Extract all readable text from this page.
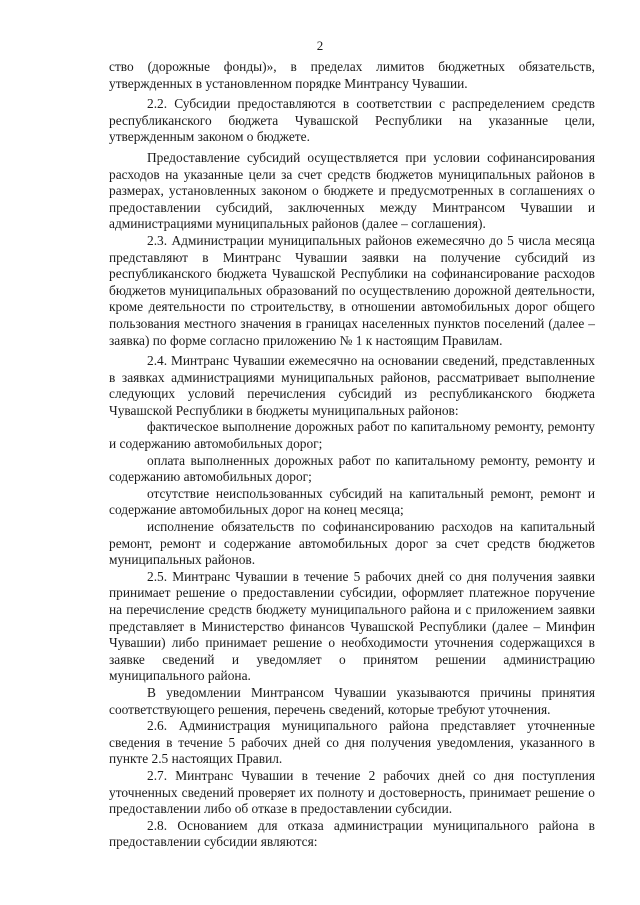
2

ство (дорожные фонды)», в пределах лимитов бюджетных обязательств, утвержденных в установленном порядке Минтрансу Чувашии.

2.2. Субсидии предоставляются в соответствии с распределением средств республиканского бюджета Чувашской Республики на указанные цели, утвержденным законом о бюджете.

Предоставление субсидий осуществляется при условии софинансирования расходов на указанные цели за счет средств бюджетов муниципальных районов в размерах, установленных законом о бюджете и предусмотренных в соглашениях о предоставлении субсидий, заключенных между Минтрансом Чувашии и администрациями муниципальных районов (далее – соглашения).

2.3. Администрации муниципальных районов ежемесячно до 5 числа месяца представляют в Минтранс Чувашии заявки на получение субсидий из республиканского бюджета Чувашской Республики на софинансирование расходов бюджетов муниципальных образований по осуществлению дорожной деятельности, кроме деятельности по строительству, в отношении автомобильных дорог общего пользования местного значения в границах населенных пунктов поселений (далее – заявка) по форме согласно приложению № 1 к настоящим Правилам.

2.4. Минтранс Чувашии ежемесячно на основании сведений, представленных в заявках администрациями муниципальных районов, рассматривает выполнение следующих условий перечисления субсидий из республиканского бюджета Чувашской Республики в бюджеты муниципальных районов:

фактическое выполнение дорожных работ по капитальному ремонту, ремонту и содержанию автомобильных дорог;

оплата выполненных дорожных работ по капитальному ремонту, ремонту и содержанию автомобильных дорог;

отсутствие неиспользованных субсидий на капитальный ремонт, ремонт и содержание автомобильных дорог на конец месяца;

исполнение обязательств по софинансированию расходов на капитальный ремонт, ремонт и содержание автомобильных дорог за счет средств бюджетов муниципальных районов.

2.5. Минтранс Чувашии в течение 5 рабочих дней со дня получения заявки принимает решение о предоставлении субсидии, оформляет платежное поручение на перечисление средств бюджету муниципального района и с приложением заявки представляет в Министерство финансов Чувашской Республики (далее – Минфин Чувашии) либо принимает решение о необходимости уточнения содержащихся в заявке сведений и уведомляет о принятом решении администрацию муниципального района.

В уведомлении Минтрансом Чувашии указываются причины принятия соответствующего решения, перечень сведений, которые требуют уточнения.

2.6. Администрация муниципального района представляет уточненные сведения в течение 5 рабочих дней со дня получения уведомления, указанного в пункте 2.5 настоящих Правил.

2.7. Минтранс Чувашии в течение 2 рабочих дней со дня поступления уточненных сведений проверяет их полноту и достоверность, принимает решение о предоставлении либо об отказе в предоставлении субсидии.

2.8. Основанием для отказа администрации муниципального района в предоставлении субсидии являются:
